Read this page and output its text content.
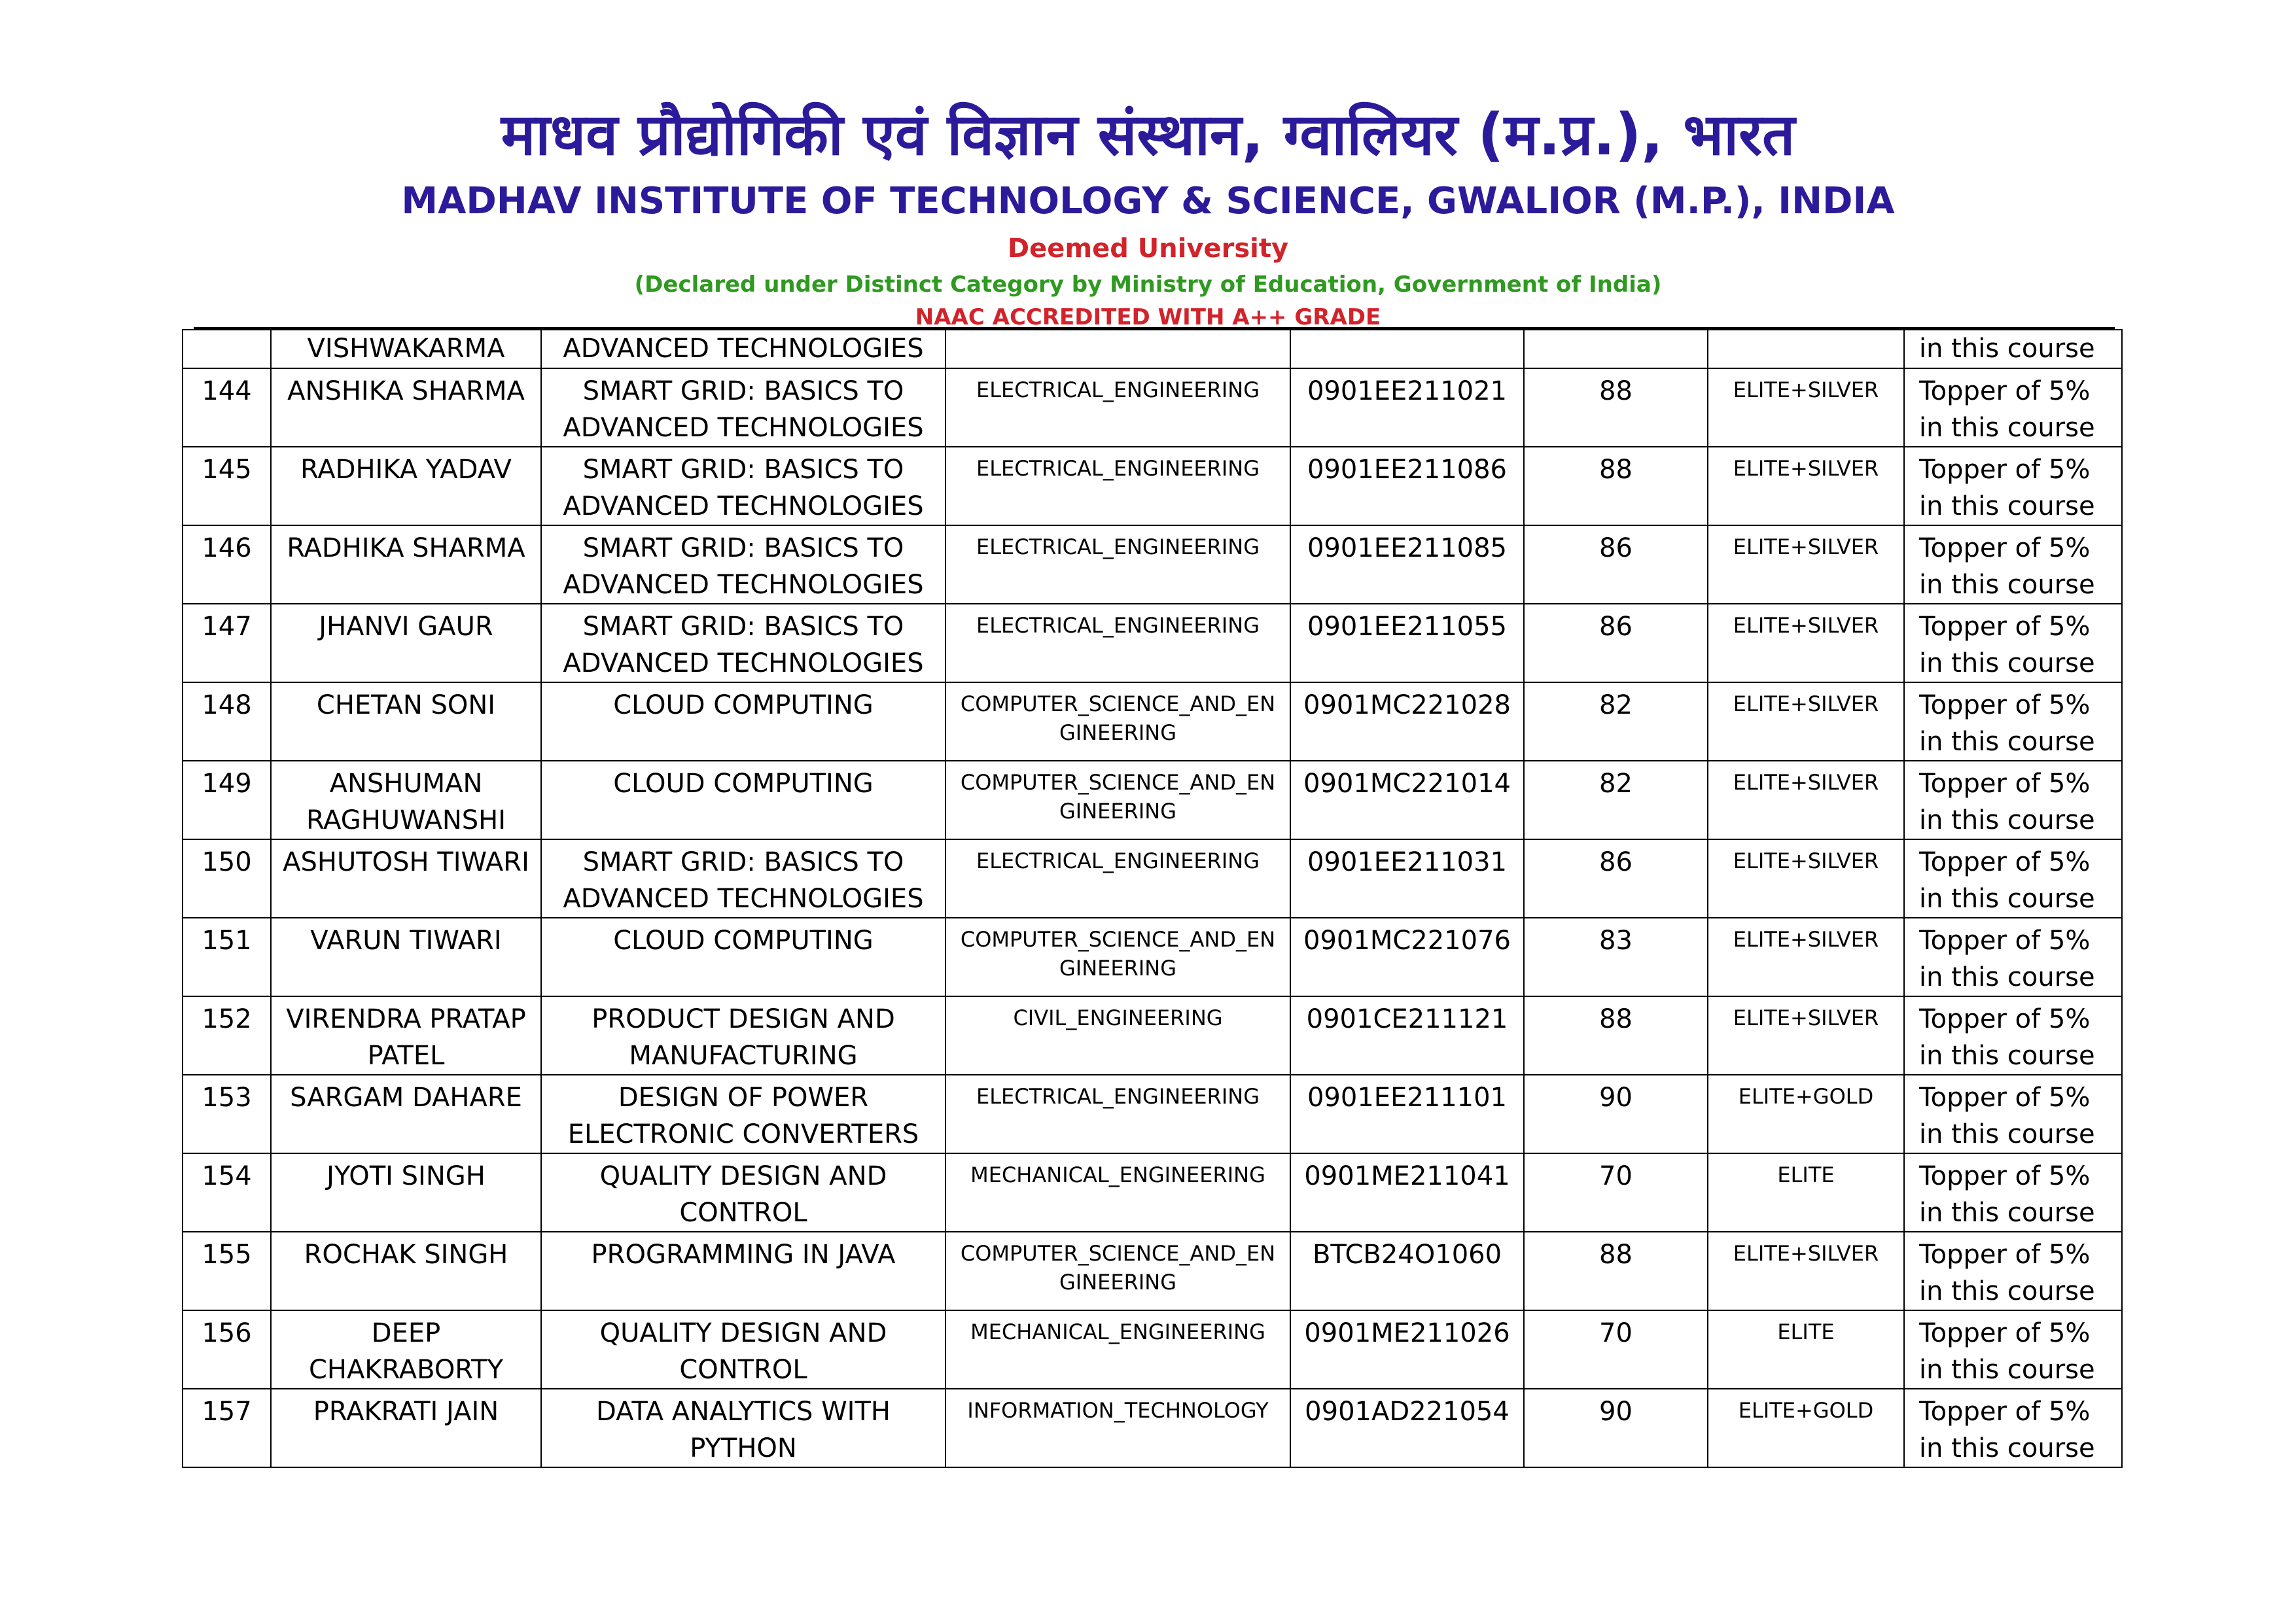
माधव प्रौद्योगिकी एवं विज्ञान संस्थान, ग्वालियर (म.प्र.), भारत
MADHAV INSTITUTE OF TECHNOLOGY & SCIENCE, GWALIOR (M.P.), INDIA
Deemed University
(Declared under Distinct Category by Ministry of Education, Government of India)
NAAC ACCREDITED WITH A++ GRADE
	VISHWAKARMA	ADVANCED TECHNOLOGIES					in this course
144	ANSHIKA SHARMA	SMART GRID: BASICS TO ADVANCED TECHNOLOGIES	ELECTRICAL_ENGINEERING	0901EE211021	88	ELITE+SILVER	Topper of 5% in this course
145	RADHIKA YADAV	SMART GRID: BASICS TO ADVANCED TECHNOLOGIES	ELECTRICAL_ENGINEERING	0901EE211086	88	ELITE+SILVER	Topper of 5% in this course
146	RADHIKA SHARMA	SMART GRID: BASICS TO ADVANCED TECHNOLOGIES	ELECTRICAL_ENGINEERING	0901EE211085	86	ELITE+SILVER	Topper of 5% in this course
147	JHANVI GAUR	SMART GRID: BASICS TO ADVANCED TECHNOLOGIES	ELECTRICAL_ENGINEERING	0901EE211055	86	ELITE+SILVER	Topper of 5% in this course
148	CHETAN SONI	CLOUD COMPUTING	COMPUTER_SCIENCE_AND_EN GINEERING	0901MC221028	82	ELITE+SILVER	Topper of 5% in this course
149	ANSHUMAN RAGHUWANSHI	CLOUD COMPUTING	COMPUTER_SCIENCE_AND_EN GINEERING	0901MC221014	82	ELITE+SILVER	Topper of 5% in this course
150	ASHUTOSH TIWARI	SMART GRID: BASICS TO ADVANCED TECHNOLOGIES	ELECTRICAL_ENGINEERING	0901EE211031	86	ELITE+SILVER	Topper of 5% in this course
151	VARUN TIWARI	CLOUD COMPUTING	COMPUTER_SCIENCE_AND_EN GINEERING	0901MC221076	83	ELITE+SILVER	Topper of 5% in this course
152	VIRENDRA PRATAP PATEL	PRODUCT DESIGN AND MANUFACTURING	CIVIL_ENGINEERING	0901CE211121	88	ELITE+SILVER	Topper of 5% in this course
153	SARGAM DAHARE	DESIGN OF POWER ELECTRONIC CONVERTERS	ELECTRICAL_ENGINEERING	0901EE211101	90	ELITE+GOLD	Topper of 5% in this course
154	JYOTI SINGH	QUALITY DESIGN AND CONTROL	MECHANICAL_ENGINEERING	0901ME211041	70	ELITE	Topper of 5% in this course
155	ROCHAK SINGH	PROGRAMMING IN JAVA	COMPUTER_SCIENCE_AND_EN GINEERING	BTCB24O1060	88	ELITE+SILVER	Topper of 5% in this course
156	DEEP CHAKRABORTY	QUALITY DESIGN AND CONTROL	MECHANICAL_ENGINEERING	0901ME211026	70	ELITE	Topper of 5% in this course
157	PRAKRATI JAIN	DATA ANALYTICS WITH PYTHON	INFORMATION_TECHNOLOGY	0901AD221054	90	ELITE+GOLD	Topper of 5% in this course
